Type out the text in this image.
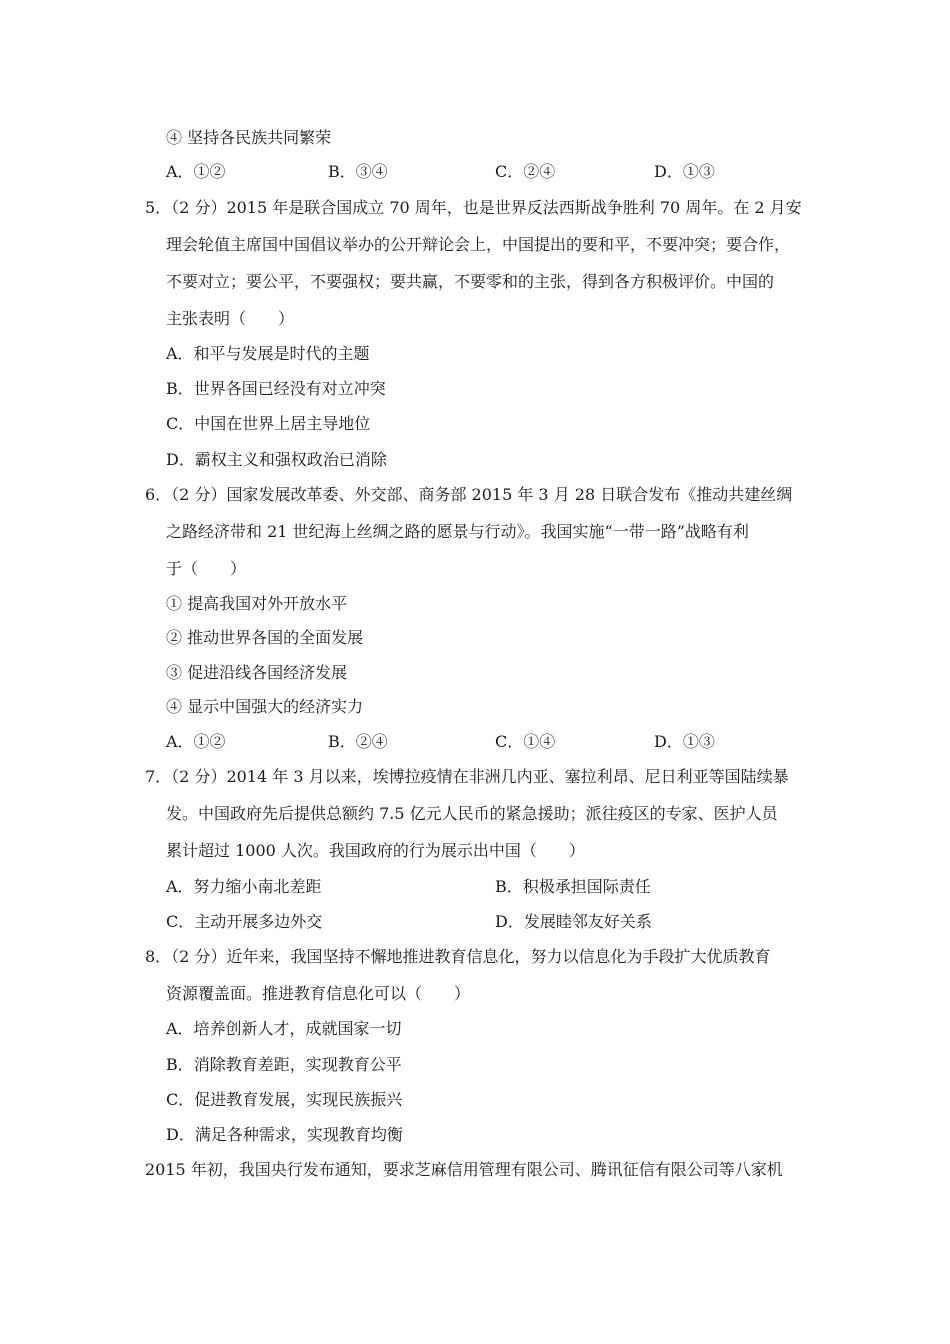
④ 坚持各民族共同繁荣
A．①②	B．③④	C．②④	D．①③
5．（2 分）2015 年是联合国成立 70 周年，也是世界反法西斯战争胜利 70 周年。在 2 月安
理会轮值主席国中国倡议举办的公开辩论会上，中国提出的要和平，不要冲突；要合作，
不要对立；要公平，不要强权；要共赢，不要零和的主张，得到各方积极评价。中国的
主张表明（　　）
A．和平与发展是时代的主题
B．世界各国已经没有对立冲突
C．中国在世界上居主导地位
D．霸权主义和强权政治已消除
6．（2 分）国家发展改革委、外交部、商务部 2015 年 3 月 28 日联合发布《推动共建丝绸
之路经济带和 21 世纪海上丝绸之路的愿景与行动》。我国实施“一带一路”战略有利
于（　　）
① 提高我国对外开放水平
② 推动世界各国的全面发展
③ 促进沿线各国经济发展
④ 显示中国强大的经济实力
A．①②	B．②④	C．①④	D．①③
7．（2 分）2014 年 3 月以来，埃博拉疫情在非洲几内亚、塞拉利昂、尼日利亚等国陆续暴
发。中国政府先后提供总额约 7.5 亿元人民币的紧急援助；派往疫区的专家、医护人员
累计超过 1000 人次。我国政府的行为展示出中国（　　）
A．努力缩小南北差距	B．积极承担国际责任
C．主动开展多边外交	D．发展睦邻友好关系
8．（2 分）近年来，我国坚持不懈地推进教育信息化，努力以信息化为手段扩大优质教育
资源覆盖面。推进教育信息化可以（　　）
A．培养创新人才，成就国家一切
B．消除教育差距，实现教育公平
C．促进教育发展，实现民族振兴
D．满足各种需求，实现教育均衡
2015 年初，我国央行发布通知，要求芝麻信用管理有限公司、腾讯征信有限公司等八家机
